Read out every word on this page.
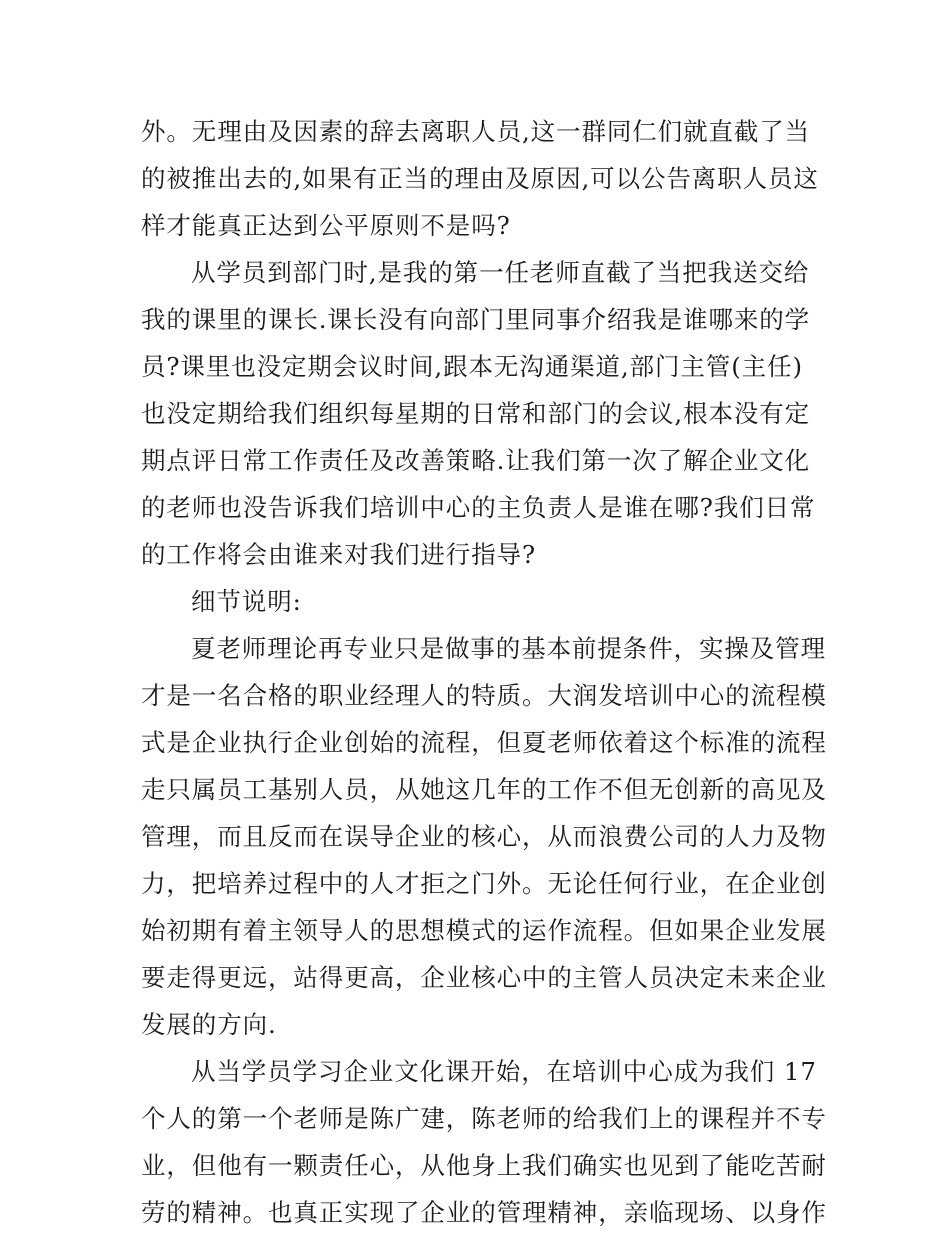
外。无理由及因素的辞去离职人员,这一群同仁们就直截了当
的被推出去的,如果有正当的理由及原因,可以公告离职人员这
样才能真正达到公平原则不是吗?
从学员到部门时,是我的第一任老师直截了当把我送交给
我的课里的课长.课长没有向部门里同事介绍我是谁哪来的学
员?课里也没定期会议时间,跟本无沟通渠道,部门主管(主任)
也没定期给我们组织每星期的日常和部门的会议,根本没有定
期点评日常工作责任及改善策略.让我们第一次了解企业文化
的老师也没告诉我们培训中心的主负责人是谁在哪?我们日常
的工作将会由谁来对我们进行指导?
细节说明:
夏老师理论再专业只是做事的基本前提条件，实操及管理
才是一名合格的职业经理人的特质。大润发培训中心的流程模
式是企业执行企业创始的流程，但夏老师依着这个标准的流程
走只属员工基别人员，从她这几年的工作不但无创新的高见及
管理，而且反而在误导企业的核心，从而浪费公司的人力及物
力，把培养过程中的人才拒之门外。无论任何行业，在企业创
始初期有着主领导人的思想模式的运作流程。但如果企业发展
要走得更远，站得更高，企业核心中的主管人员决定未来企业
发展的方向.
从当学员学习企业文化课开始，在培训中心成为我们 17
个人的第一个老师是陈广建，陈老师的给我们上的课程并不专
业，但他有一颗责任心，从他身上我们确实也见到了能吃苦耐
劳的精神。也真正实现了企业的管理精神，亲临现场、以身作
